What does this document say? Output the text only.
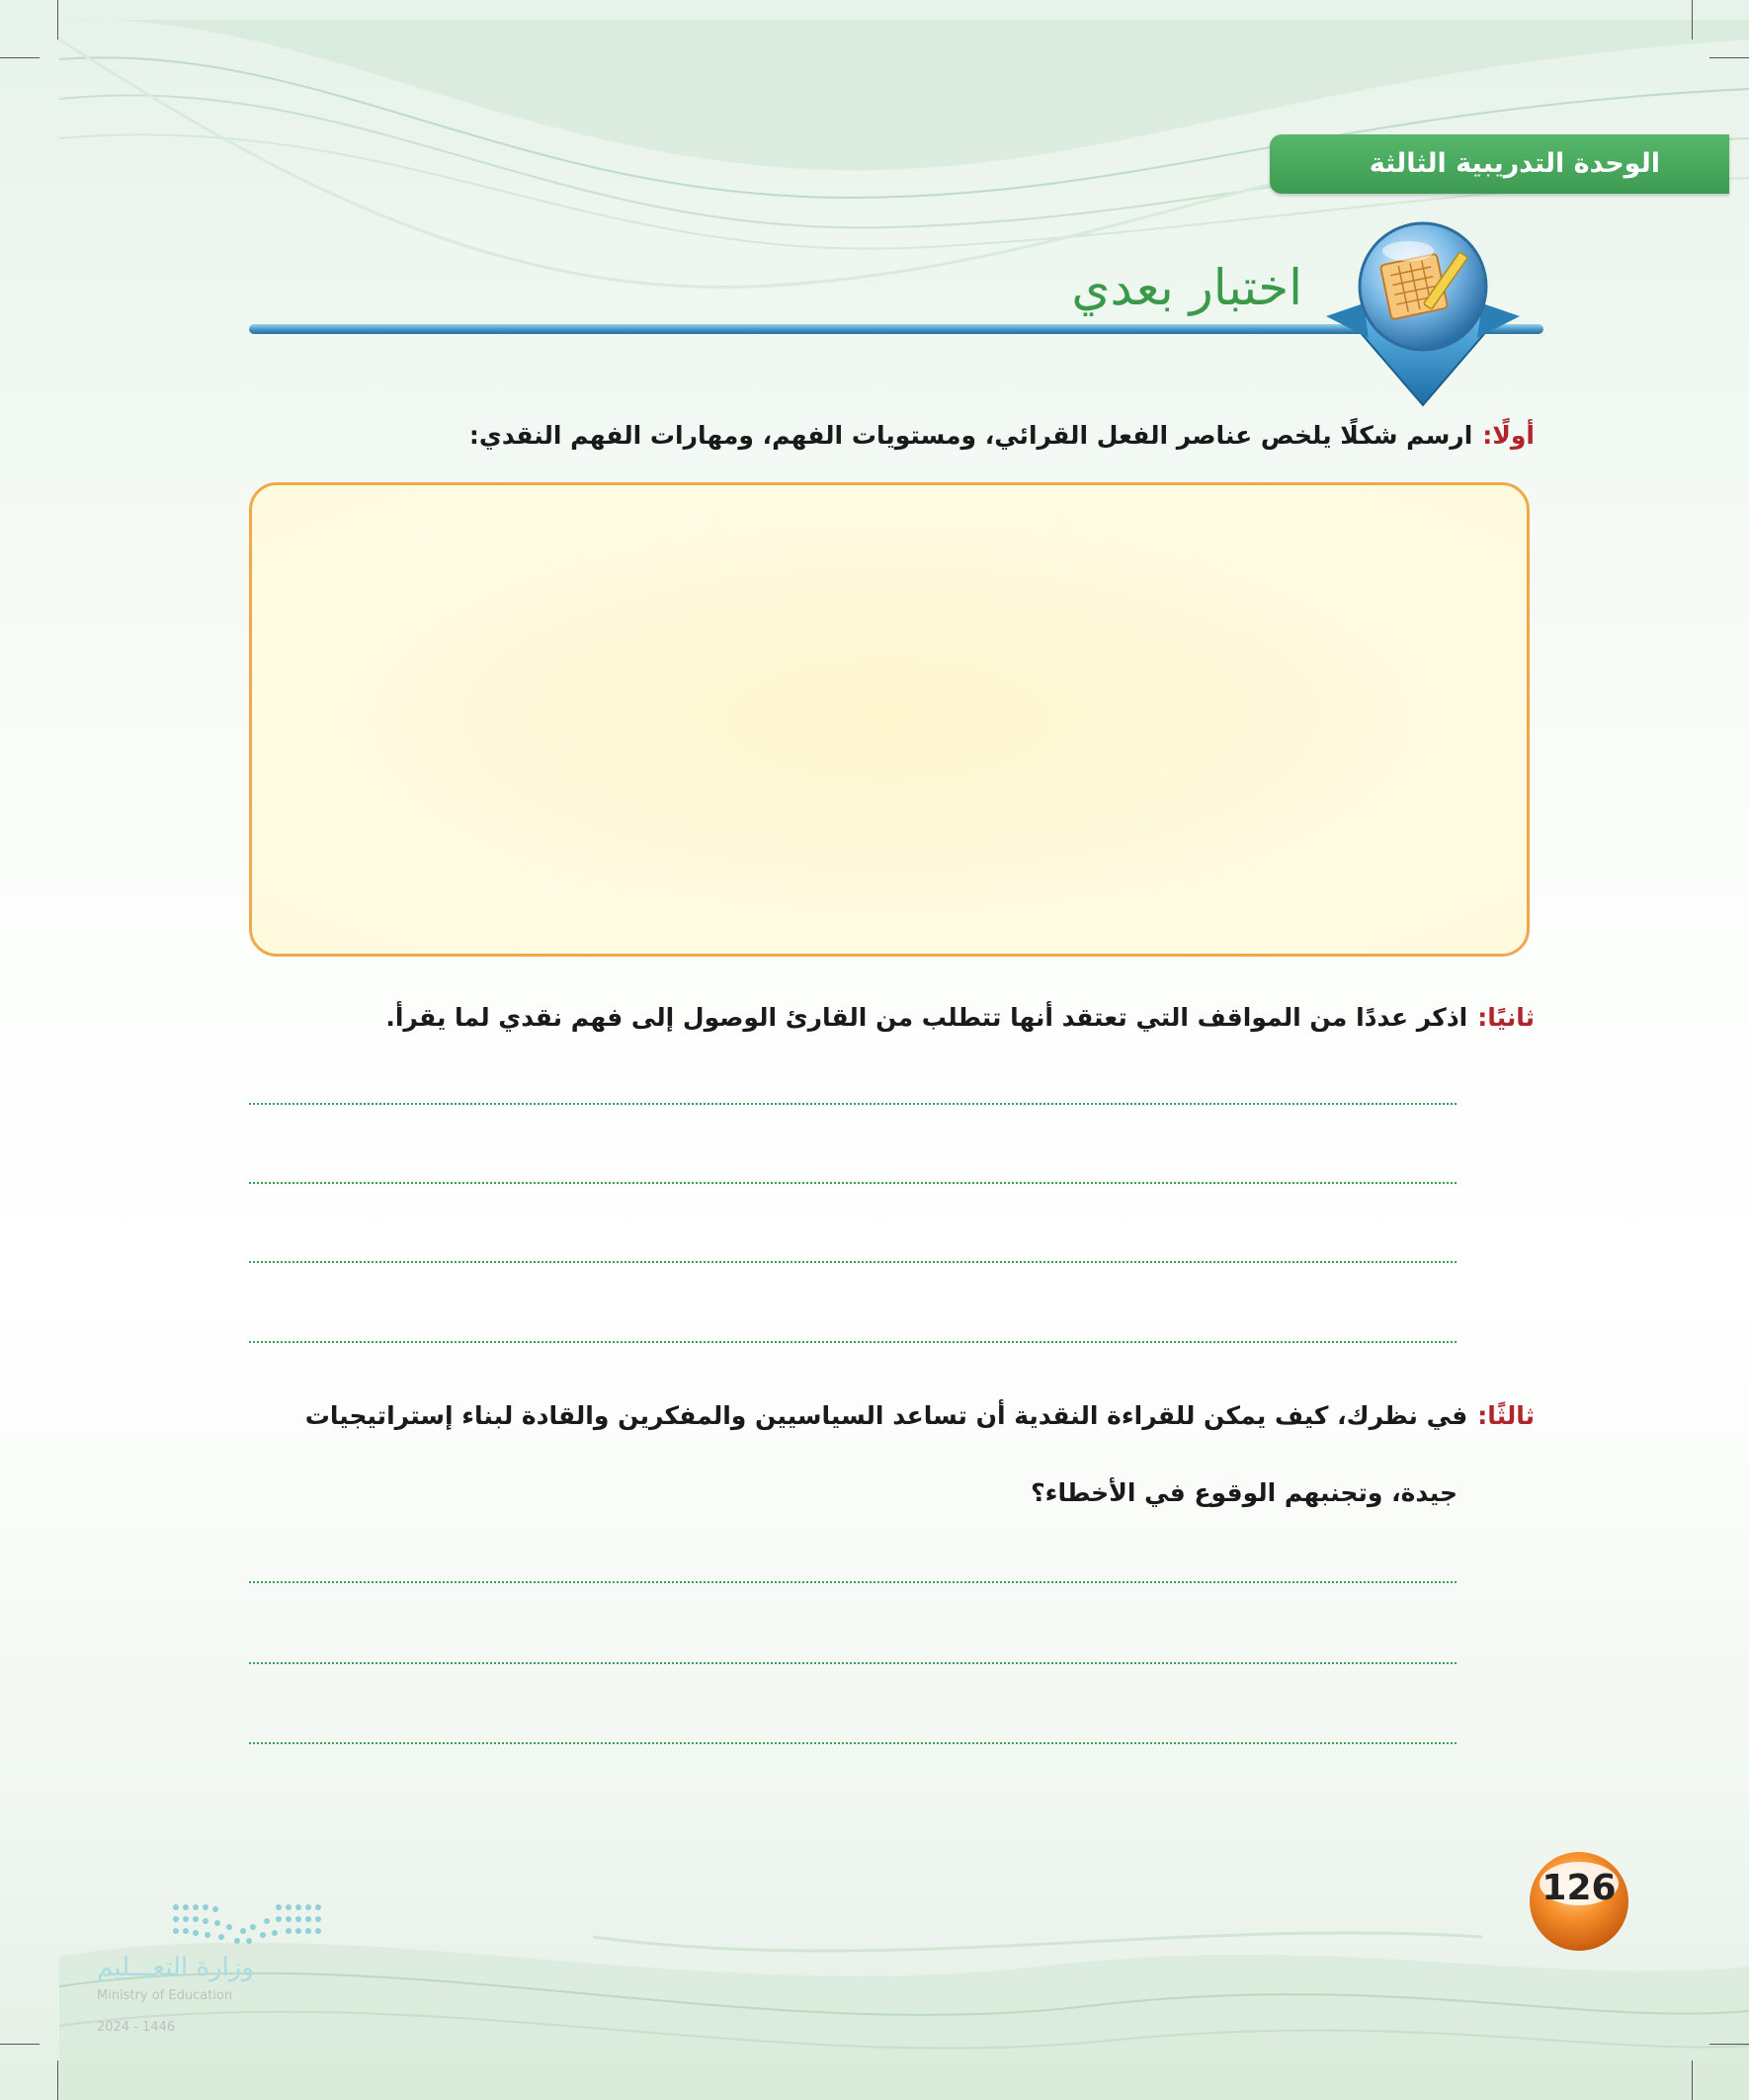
الوحدة التدريبية الثالثة
اختبار بعدي
أولًا:ارسم شكلًا يلخص عناصر الفعل القرائي، ومستويات الفهم، ومهارات الفهم النقدي:
ثانيًا:اذكر عددًا من المواقف التي تعتقد أنها تتطلب من القارئ الوصول إلى فهم نقدي لما يقرأ.
ثالثًا:في نظرك، كيف يمكن للقراءة النقدية أن تساعد السياسيين والمفكرين والقادة لبناء إستراتيجيات
جيدة، وتجنبهم الوقوع في الأخطاء؟
126
وزارة التعـــليم
Ministry of Education
2024 - 1446
